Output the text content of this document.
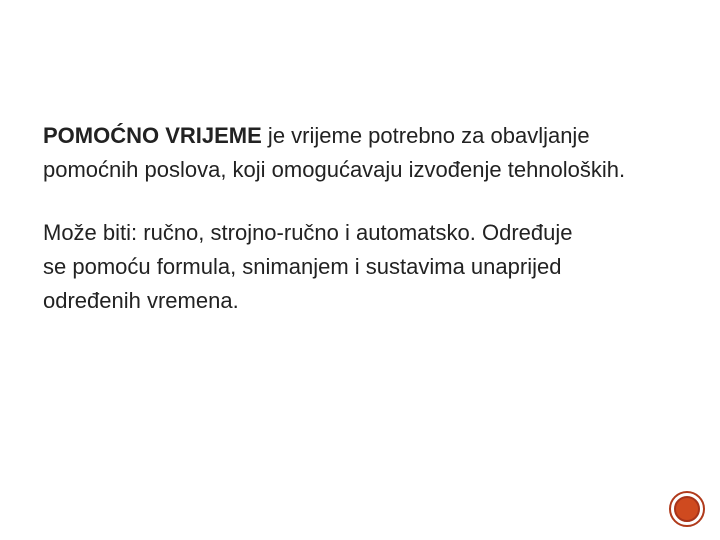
POMOĆNO VRIJEME je vrijeme potrebno za obavljanje

pomoćnih poslova, koji omogućavaju izvođenje tehnoloških.

Može biti: ručno, strojno-ručno i automatsko. Određuje

se pomoću formula, snimanjem i sustavima unaprijed

određenih vremena.
